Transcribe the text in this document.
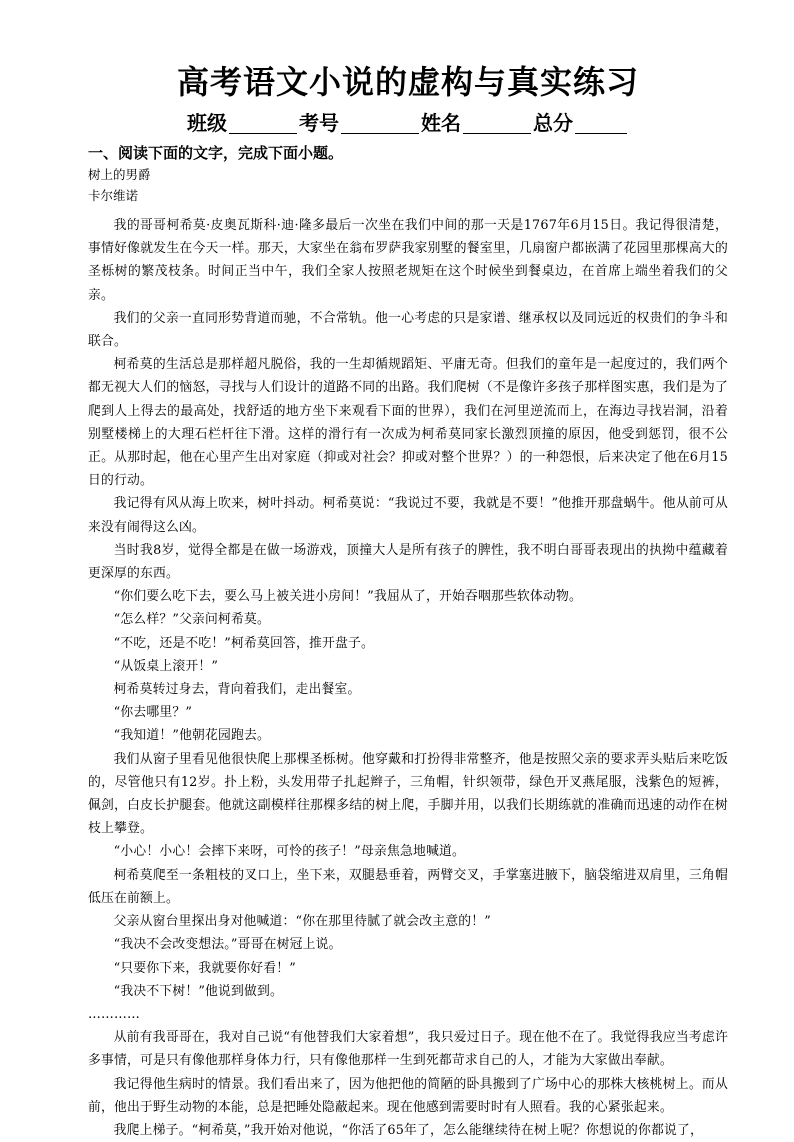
高考语文小说的虚构与真实练习
班级	考号	姓名	总分
一、阅读下面的文字，完成下面小题。
树上的男爵
卡尔维诺

我的哥哥柯希莫·皮奥瓦斯科·迪·隆多最后一次坐在我们中间的那一天是1767年6月15日。我记得很清楚，事情好像就发生在今天一样。那天，大家坐在翁布罗萨我家别墅的餐室里，几扇窗户都嵌满了花园里那棵高大的圣栎树的繁茂枝条。时间正当中午，我们全家人按照老规矩在这个时候坐到餐桌边，在首席上端坐着我们的父亲。

我们的父亲一直同形势背道而驰，不合常轨。他一心考虑的只是家谱、继承权以及同远近的权贵们的争斗和联合。

柯希莫的生活总是那样超凡脱俗，我的一生却循规蹈矩、平庸无奇。但我们的童年是一起度过的，我们两个都无视大人们的恼怒，寻找与人们设计的道路不同的出路。我们爬树（不是像许多孩子那样图实惠，我们是为了爬到人上得去的最高处，找舒适的地方坐下来观看下面的世界），我们在河里逆流而上，在海边寻找岩洞，沿着别墅楼梯上的大理石栏杆往下滑。这样的滑行有一次成为柯希莫同家长激烈顶撞的原因，他受到惩罚，很不公正。从那时起，他在心里产生出对家庭（抑或对社会？抑或对整个世界？）的一种怨恨，后来决定了他在6月15日的行动。

我记得有风从海上吹来，树叶抖动。柯希莫说：“我说过不要，我就是不要！”他推开那盘蜗牛。他从前可从来没有闹得这么凶。

当时我8岁，觉得全都是在做一场游戏，顶撞大人是所有孩子的脾性，我不明白哥哥表现出的执拗中蕴藏着更深厚的东西。

“你们要么吃下去，要么马上被关进小房间！”我屈从了，开始吞咽那些软体动物。

“怎么样？”父亲问柯希莫。

“不吃，还是不吃！”柯希莫回答，推开盘子。

“从饭桌上滚开！”

柯希莫转过身去，背向着我们，走出餐室。

“你去哪里？”

“我知道！”他朝花园跑去。

我们从窗子里看见他很快爬上那棵圣栎树。他穿戴和打扮得非常整齐，他是按照父亲的要求弄头贴后来吃饭的，尽管他只有12岁。扑上粉，头发用带子扎起辫子，三角帽，针织领带，绿色开叉燕尾服，浅紫色的短裤，佩剑，白皮长护腿套。他就这副模样往那棵多结的树上爬，手脚并用，以我们长期练就的准确而迅速的动作在树枝上攀登。

“小心！小心！会摔下来呀，可怜的孩子！”母亲焦急地喊道。

柯希莫爬至一条粗枝的叉口上，坐下来，双腿悬垂着，两臂交叉，手掌塞进腋下，脑袋缩进双肩里，三角帽低压在前额上。

父亲从窗台里探出身对他喊道：“你在那里待腻了就会改主意的！”

“我决不会改变想法。”哥哥在树冠上说。

“只要你下来，我就要你好看！”

“我决不下树！”他说到做到。

…………

从前有我哥哥在，我对自己说“有他替我们大家着想”，我只爱过日子。现在他不在了。我觉得我应当考虑许多事情，可是只有像他那样身体力行，只有像他那样一生到死都苛求自己的人，才能为大家做出奉献。

我记得他生病时的情景。我们看出来了，因为他把他的简陋的卧具搬到了广场中心的那株大核桃树上。而从前，他出于野生动物的本能，总是把睡处隐蔽起来。现在他感到需要时时有人照看。我的心紧张起来。

我爬上梯子。“柯希莫，”我开始对他说，“你活了65年了，怎么能继续待在树上呢？你想说的你都说了，
